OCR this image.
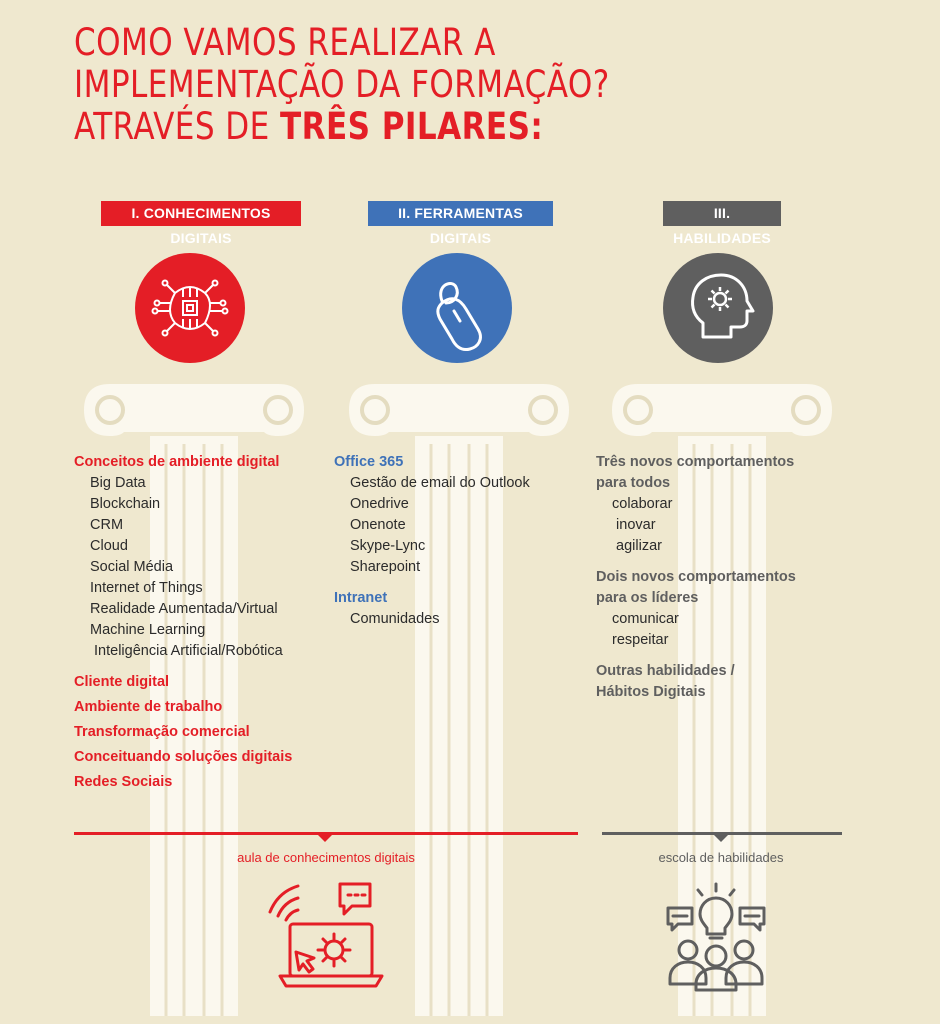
COMO VAMOS REALIZAR A
IMPLEMENTAÇÃO DA FORMAÇÃO?
ATRAVÉS DE TRÊS PILARES:
I. CONHECIMENTOS DIGITAIS
II. FERRAMENTAS DIGITAIS
III. HABILIDADES
Conceitos de ambiente digital
Big Data
Blockchain
CRM
Cloud
Social Média
Internet of Things
Realidade Aumentada/Virtual
Machine Learning
Inteligência Artificial/Robótica
Cliente digital
Ambiente de trabalho
Transformação comercial
Conceituando soluções digitais
Redes Sociais
Office 365
Gestão de email do Outlook
Onedrive
Onenote
Skype-Lync
Sharepoint
Intranet
Comunidades
Três novos comportamentos
para todos
colaborar
inovar
agilizar
Dois novos comportamentos
para os líderes
comunicar
respeitar
Outras habilidades /
Hábitos Digitais
aula de conhecimentos digitais	escola de habilidades
